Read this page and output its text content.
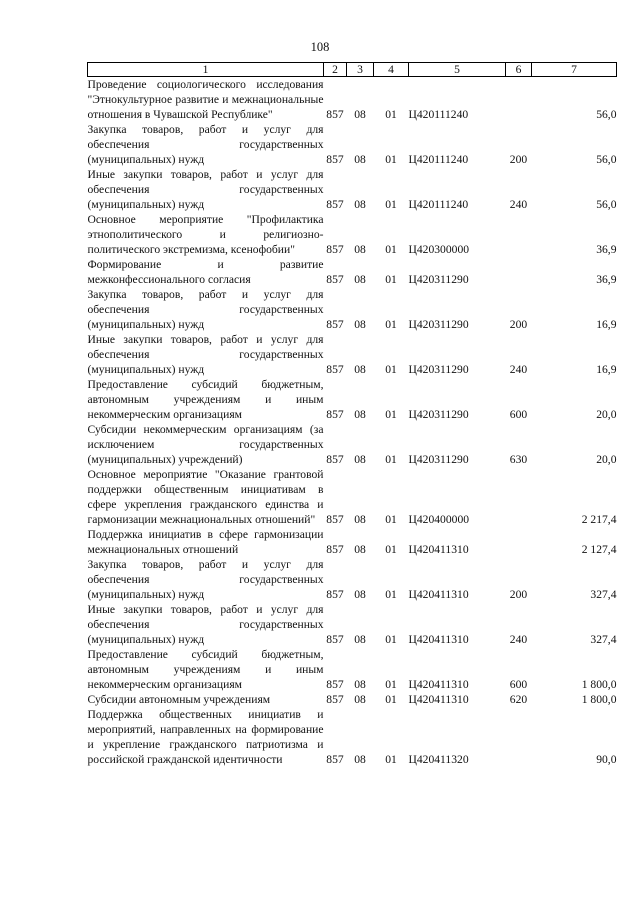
108
1	2	3	4	5	6	7
Проведение социологического исследования "Этнокультурное развитие и межнациональные отношения в Чувашской Республике"	857	08	01	Ц420111240		56,0
Закупка товаров, работ и услуг для обеспечения государственных (муниципальных) нужд	857	08	01	Ц420111240	200	56,0
Иные закупки товаров, работ и услуг для обеспечения государственных (муниципальных) нужд	857	08	01	Ц420111240	240	56,0
Основное мероприятие "Профилактика этнополитического и религиозно-политического экстремизма, ксенофобии"	857	08	01	Ц420300000		36,9
Формирование и развитие межконфессионального согласия	857	08	01	Ц420311290		36,9
Закупка товаров, работ и услуг для обеспечения государственных (муниципальных) нужд	857	08	01	Ц420311290	200	16,9
Иные закупки товаров, работ и услуг для обеспечения государственных (муниципальных) нужд	857	08	01	Ц420311290	240	16,9
Предоставление субсидий бюджетным, автономным учреждениям и иным некоммерческим организациям	857	08	01	Ц420311290	600	20,0
Субсидии некоммерческим организациям (за исключением государственных (муниципальных) учреждений)	857	08	01	Ц420311290	630	20,0
Основное мероприятие "Оказание грантовой поддержки общественным инициативам в сфере укрепления гражданского единства и гармонизации межнациональных отношений"	857	08	01	Ц420400000		2 217,4
Поддержка инициатив в сфере гармонизации межнациональных отношений	857	08	01	Ц420411310		2 127,4
Закупка товаров, работ и услуг для обеспечения государственных (муниципальных) нужд	857	08	01	Ц420411310	200	327,4
Иные закупки товаров, работ и услуг для обеспечения государственных (муниципальных) нужд	857	08	01	Ц420411310	240	327,4
Предоставление субсидий бюджетным, автономным учреждениям и иным некоммерческим организациям	857	08	01	Ц420411310	600	1 800,0
Субсидии автономным учреждениям	857	08	01	Ц420411310	620	1 800,0
Поддержка общественных инициатив и мероприятий, направленных на формирование и укрепление гражданского патриотизма и российской гражданской идентичности	857	08	01	Ц420411320		90,0
